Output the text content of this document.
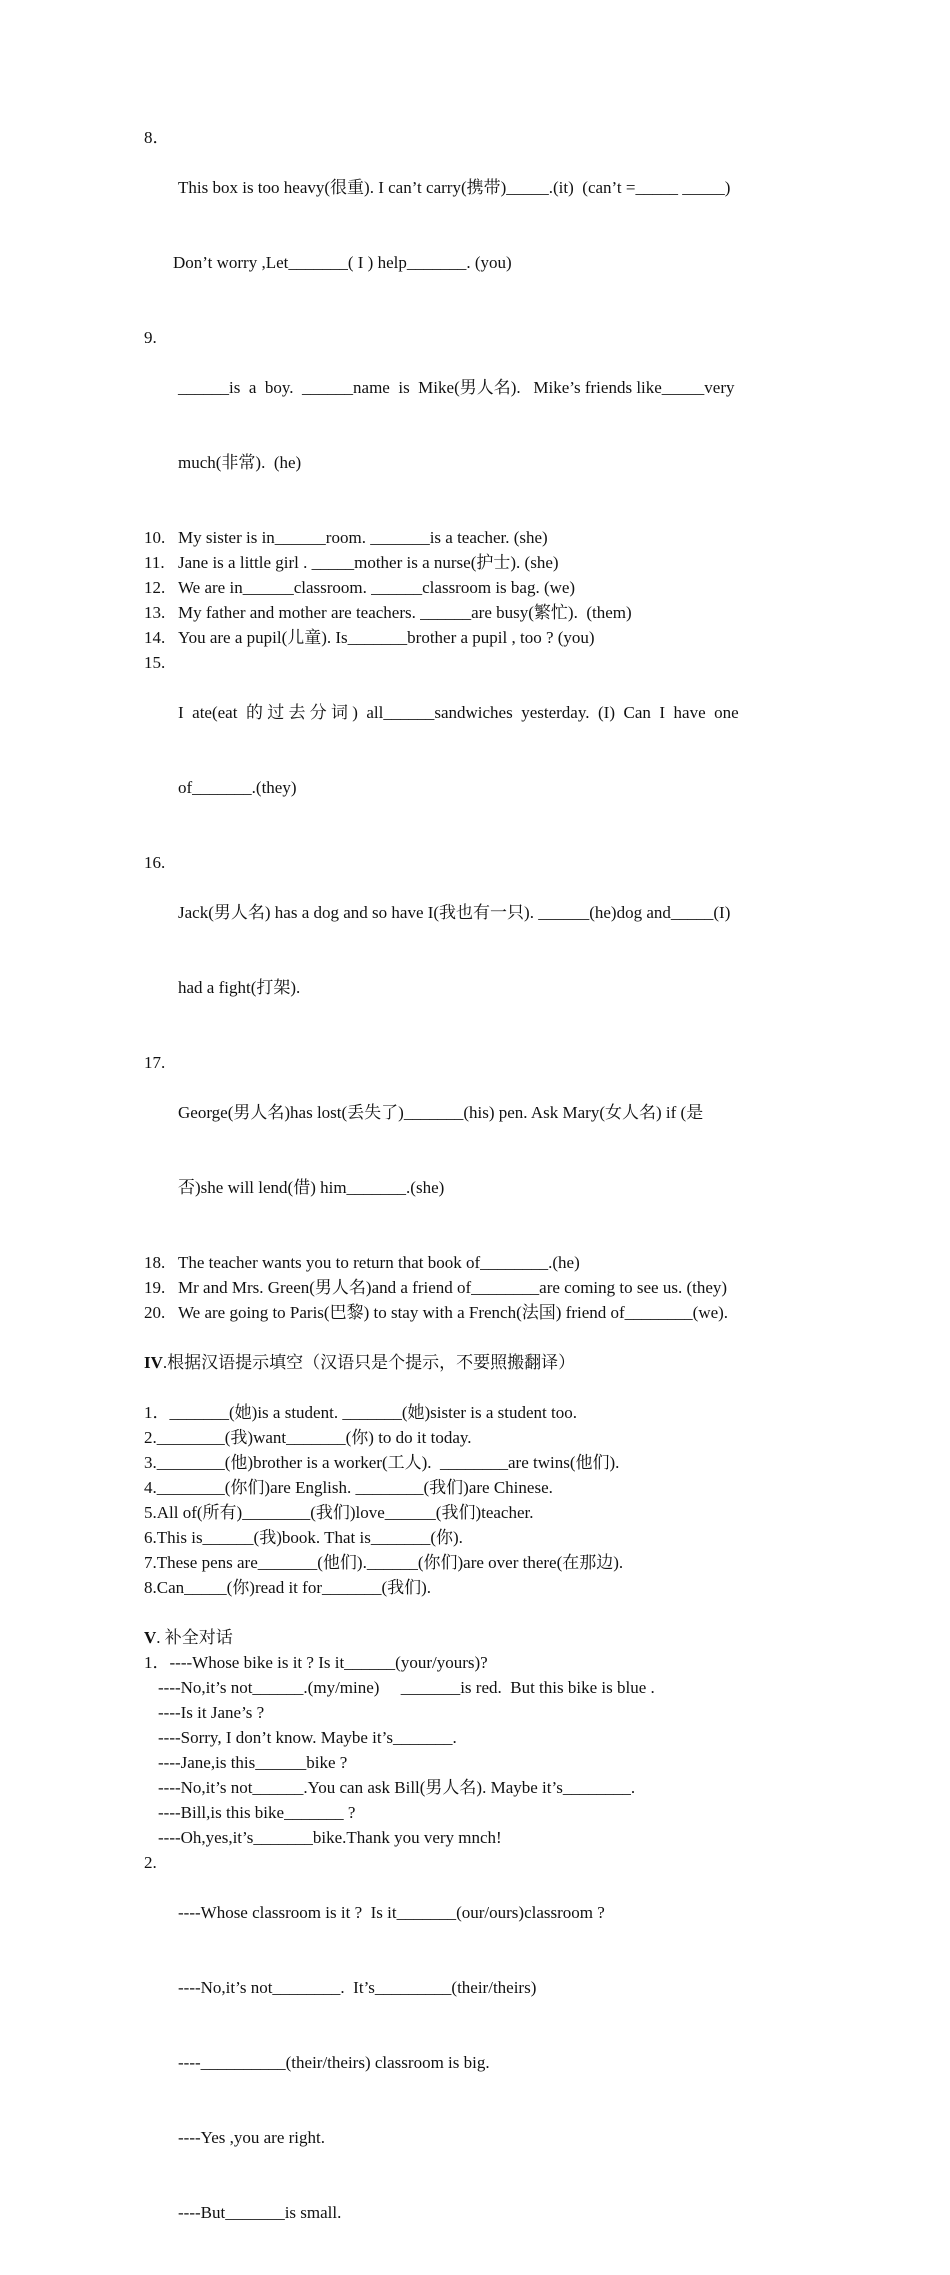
8．

This box is too heavy(很重). I can’t carry(携带)_____.(it)  (can’t =_____ _____)

Don’t worry ,Let_______( I ) help_______. (you)

9.

______is  a  boy.  ______name  is  Mike(男人名).   Mike’s friends like_____very

much(非常).  (he)

10. My sister is in______room. _______is a teacher. (she)
11. Jane is a little girl . _____mother is a nurse(护士). (she)
12. We are in______classroom. ______classroom is bag. (we)
13. My father and mother are teachers. ______are busy(繁忙).  (them)
14. You are a pupil(儿童). Is_______brother a pupil , too ? (you)
15.

I  ate(eat  的 过 去 分 词 )  all______sandwiches  yesterday.  (I)  Can  I  have  one

of_______.(they)

16.

Jack(男人名) has a dog and so have I(我也有一只). ______(he)dog and_____(I)

had a fight(打架).

17.

George(男人名)has lost(丢失了)_______(his) pen. Ask Mary(女人名) if (是

否)she will lend(借) him_______.(she)

18. The teacher wants you to return that book of________.(he)
19. Mr and Mrs. Green(男人名)and a friend of________are coming to see us. (they)
20. We are going to Paris(巴黎) to stay with a French(法国) friend of________(we).
IV.根据汉语提示填空（汉语只是个提示，不要照搬翻译）
1．_______(她)is a student. _______(她)sister is a student too.
2.________(我)want_______(你) to do it today.
3.________(他)brother is a worker(工人).  ________are twins(他们).
4.________(你们)are English. ________(我们)are Chinese.
5.All of(所有)________(我们)love______(我们)teacher.
6.This is______(我)book. That is_______(你).
7.These pens are_______(他们).______(你们)are over there(在那边).
8.Can_____(你)read it for_______(我们).
V. 补全对话
1．----Whose bike is it ? Is it______(your/yours)?
----No,it’s not______.(my/mine)     _______is red.  But this bike is blue .
----Is it Jane’s ?
----Sorry, I don’t know. Maybe it’s_______.
----Jane,is this______bike ?
----No,it’s not______.You can ask Bill(男人名). Maybe it’s________.
----Bill,is this bike_______ ?
----Oh,yes,it’s_______bike.Thank you very mnch!
2.

----Whose classroom is it ?  Is it_______(our/ours)classroom ?

----No,it’s not________.  It’s_________(their/theirs)

----__________(their/theirs) classroom is big.

----Yes ,you are right.

----But_______is small.
